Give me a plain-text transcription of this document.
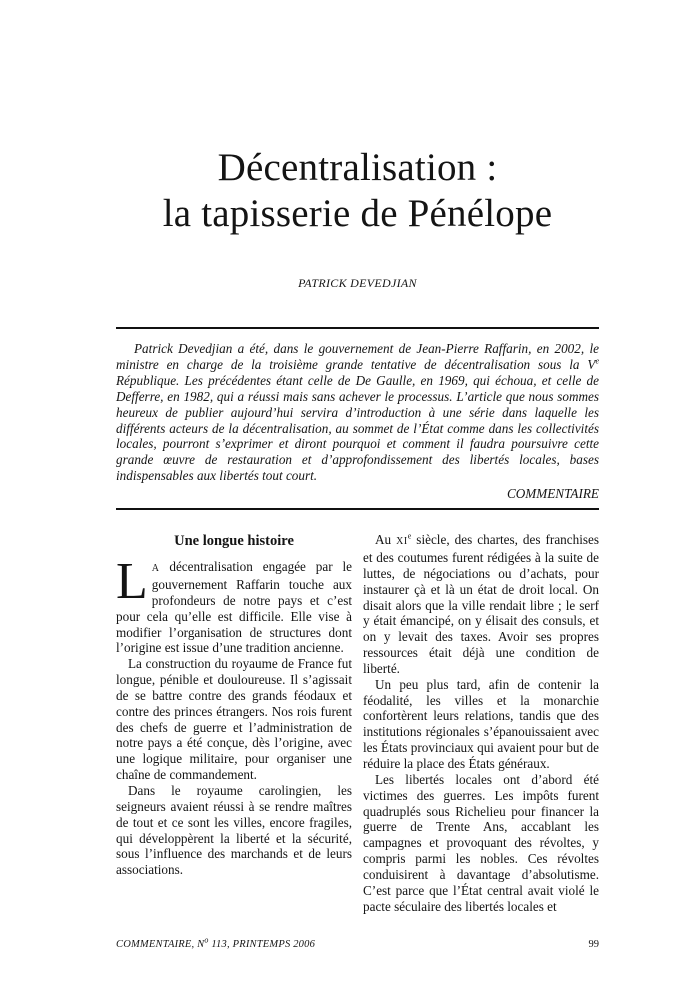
Décentralisation :
la tapisserie de Pénélope
PATRICK DEVEDJIAN

Patrick Devedjian a été, dans le gouvernement de Jean-Pierre Raffarin, en 2002, le ministre en charge de la troisième grande tentative de décentralisation sous la Ve République. Les précédentes étant celle de De Gaulle, en 1969, qui échoua, et celle de Defferre, en 1982, qui a réussi mais sans achever le processus. L’article que nous sommes heureux de publier aujourd’hui servira d’introduction à une série dans laquelle les différents acteurs de la décentralisation, au sommet de l’État comme dans les collectivités locales, pourront s’exprimer et diront pourquoi et comment il faudra poursuivre cette grande œuvre de restauration et d’approfondissement des libertés locales, bases indispensables aux libertés tout court.

COMMENTAIRE
Une longue histoire

L A décentralisation engagée par le gouvernement Raffarin touche aux profondeurs de notre pays et c’est pour cela qu’elle est difficile. Elle vise à modifier l’organisation de structures dont l’origine est issue d’une tradition ancienne.

La construction du royaume de France fut longue, pénible et douloureuse. Il s’agissait de se battre contre des grands féodaux et contre des princes étrangers. Nos rois furent des chefs de guerre et l’administration de notre pays a été conçue, dès l’origine, avec une logique militaire, pour organiser une chaîne de commandement.

Dans le royaume carolingien, les seigneurs avaient réussi à se rendre maîtres de tout et ce sont les villes, encore fragiles, qui développèrent la liberté et la sécurité, sous l’influence des marchands et de leurs associations.

Au XIe siècle, des chartes, des franchises et des coutumes furent rédigées à la suite de luttes, de négociations ou d’achats, pour instaurer çà et là un état de droit local. On disait alors que la ville rendait libre ; le serf y était émancipé, on y élisait des consuls, et on y levait des taxes. Avoir ses propres ressources était déjà une condition de liberté.

Un peu plus tard, afin de contenir la féodalité, les villes et la monarchie confortèrent leurs relations, tandis que des institutions régionales s’épanouissaient avec les États provinciaux qui avaient pour but de réduire la place des États généraux.

Les libertés locales ont d’abord été victimes des guerres. Les impôts furent quadruplés sous Richelieu pour financer la guerre de Trente Ans, accablant les campagnes et provoquant des révoltes, y compris parmi les nobles. Ces révoltes conduisirent à davantage d’absolutisme. C’est parce que l’État central avait violé le pacte séculaire des libertés locales et

COMMENTAIRE, $N^o$ 113, PRINTEMPS 2006	99
